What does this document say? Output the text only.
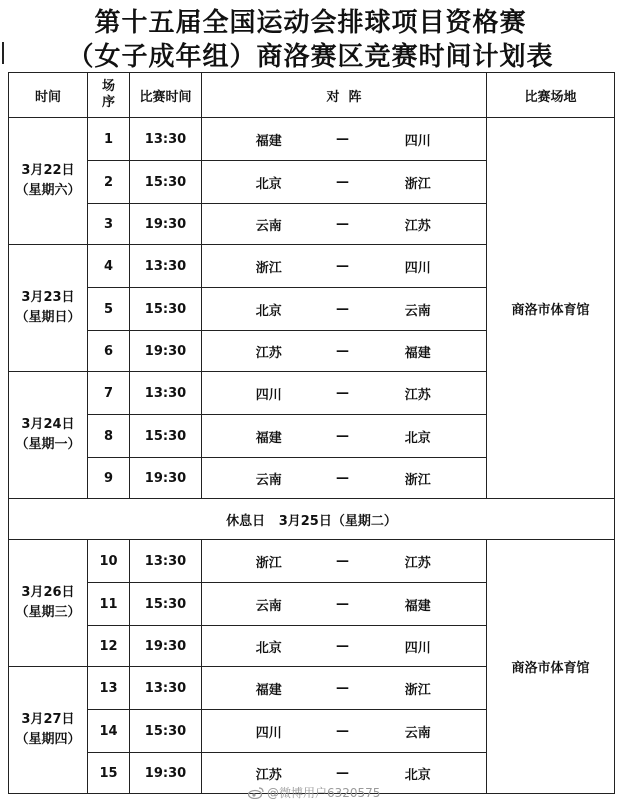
第十五届全国运动会排球项目资格赛
（女子成年组）商洛赛区竞赛时间计划表
时间	场
序	比赛时间	对  阵			比赛场地
3月22日
（星期六）	1	13:30	福建	—	四川	商洛市体育馆
	2	15:30	北京	—	浙江	
	3	19:30	云南	—	江苏	
3月23日
（星期日）	4	13:30	浙江	—	四川	
	5	15:30	北京	—	云南	
	6	19:30	江苏	—	福建	
3月24日
（星期一）	7	13:30	四川	—	江苏	
	8	15:30	福建	—	北京	
	9	19:30	云南	—	浙江	
休息日   3月25日（星期二）						
3月26日
（星期三）	10	13:30	浙江	—	江苏	商洛市体育馆
	11	15:30	云南	—	福建	
	12	19:30	北京	—	四川	
3月27日
（星期四）	13	13:30	福建	—	浙江	
	14	15:30	四川	—	云南	
	15	19:30	江苏	—	北京	
@微博用户6320575
